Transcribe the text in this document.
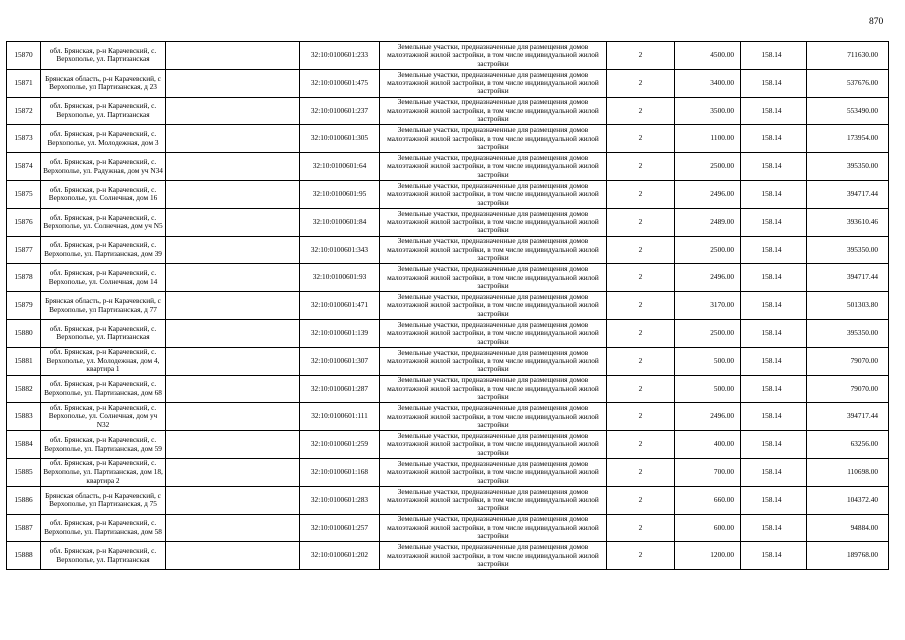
870
15870	обл. Брянская, р-н Карачевский, с. Верхополье, ул. Партизанская		32:10:0100601:233	Земельные участки, предназначенные для размещения домов малоэтажной жилой застройки, в том числе индивидуальной жилой застройки	2	4500.00	158.14	711630.00
15871	Брянская область, р-н Карачевский, с Верхополье, ул Партизанская, д 23		32:10:0100601:475	Земельные участки, предназначенные для размещения домов малоэтажной жилой застройки, в том числе индивидуальной жилой застройки	2	3400.00	158.14	537676.00
15872	обл. Брянская, р-н Карачевский, с. Верхополье, ул. Партизанская		32:10:0100601:237	Земельные участки, предназначенные для размещения домов малоэтажной жилой застройки, в том числе индивидуальной жилой застройки	2	3500.00	158.14	553490.00
15873	обл. Брянская, р-н Карачевский, с. Верхополье, ул. Молодежная, дом 3		32:10:0100601:305	Земельные участки, предназначенные для размещения домов малоэтажной жилой застройки, в том числе индивидуальной жилой застройки	2	1100.00	158.14	173954.00
15874	обл. Брянская, р-н Карачевский, с. Верхополье, ул. Радужная, дом уч N34		32:10:0100601:64	Земельные участки, предназначенные для размещения домов малоэтажной жилой застройки, в том числе индивидуальной жилой застройки	2	2500.00	158.14	395350.00
15875	обл. Брянская, р-н Карачевский, с. Верхополье, ул. Солнечная, дом 16		32:10:0100601:95	Земельные участки, предназначенные для размещения домов малоэтажной жилой застройки, в том числе индивидуальной жилой застройки	2	2496.00	158.14	394717.44
15876	обл. Брянская, р-н Карачевский, с. Верхополье, ул. Солнечная, дом уч N5		32:10:0100601:84	Земельные участки, предназначенные для размещения домов малоэтажной жилой застройки, в том числе индивидуальной жилой застройки	2	2489.00	158.14	393610.46
15877	обл. Брянская, р-н Карачевский, с. Верхополье, ул. Партизанская, дом 39		32:10:0100601:343	Земельные участки, предназначенные для размещения домов малоэтажной жилой застройки, в том числе индивидуальной жилой застройки	2	2500.00	158.14	395350.00
15878	обл. Брянская, р-н Карачевский, с. Верхополье, ул. Солнечная, дом 14		32:10:0100601:93	Земельные участки, предназначенные для размещения домов малоэтажной жилой застройки, в том числе индивидуальной жилой застройки	2	2496.00	158.14	394717.44
15879	Брянская область, р-н Карачевский, с Верхополье, ул Партизанская, д 77		32:10:0100601:471	Земельные участки, предназначенные для размещения домов малоэтажной жилой застройки, в том числе индивидуальной жилой застройки	2	3170.00	158.14	501303.80
15880	обл. Брянская, р-н Карачевский, с. Верхополье, ул. Партизанская		32:10:0100601:139	Земельные участки, предназначенные для размещения домов малоэтажной жилой застройки, в том числе индивидуальной жилой застройки	2	2500.00	158.14	395350.00
15881	обл. Брянская, р-н Карачевский, с. Верхополье, ул. Молодежная, дом 4, квартира 1		32:10:0100601:307	Земельные участки, предназначенные для размещения домов малоэтажной жилой застройки, в том числе индивидуальной жилой застройки	2	500.00	158.14	79070.00
15882	обл. Брянская, р-н Карачевский, с. Верхополье, ул. Партизанская, дом 68		32:10:0100601:287	Земельные участки, предназначенные для размещения домов малоэтажной жилой застройки, в том числе индивидуальной жилой застройки	2	500.00	158.14	79070.00
15883	обл. Брянская, р-н Карачевский, с. Верхополье, ул. Солнечная, дом уч N32		32:10:0100601:111	Земельные участки, предназначенные для размещения домов малоэтажной жилой застройки, в том числе индивидуальной жилой застройки	2	2496.00	158.14	394717.44
15884	обл. Брянская, р-н Карачевский, с. Верхополье, ул. Партизанская, дом 59		32:10:0100601:259	Земельные участки, предназначенные для размещения домов малоэтажной жилой застройки, в том числе индивидуальной жилой застройки	2	400.00	158.14	63256.00
15885	обл. Брянская, р-н Карачевский, с. Верхополье, ул. Партизанская, дом 18, квартира 2		32:10:0100601:168	Земельные участки, предназначенные для размещения домов малоэтажной жилой застройки, в том числе индивидуальной жилой застройки	2	700.00	158.14	110698.00
15886	Брянская область, р-н Карачевский, с Верхополье, ул Партизанская, д 75		32:10:0100601:283	Земельные участки, предназначенные для размещения домов малоэтажной жилой застройки, в том числе индивидуальной жилой застройки	2	660.00	158.14	104372.40
15887	обл. Брянская, р-н Карачевский, с. Верхополье, ул. Партизанская, дом 58		32:10:0100601:257	Земельные участки, предназначенные для размещения домов малоэтажной жилой застройки, в том числе индивидуальной жилой застройки	2	600.00	158.14	94884.00
15888	обл. Брянская, р-н Карачевский, с. Верхополье, ул. Партизанская		32:10:0100601:202	Земельные участки, предназначенные для размещения домов малоэтажной жилой застройки, в том числе индивидуальной жилой застройки	2	1200.00	158.14	189768.00
